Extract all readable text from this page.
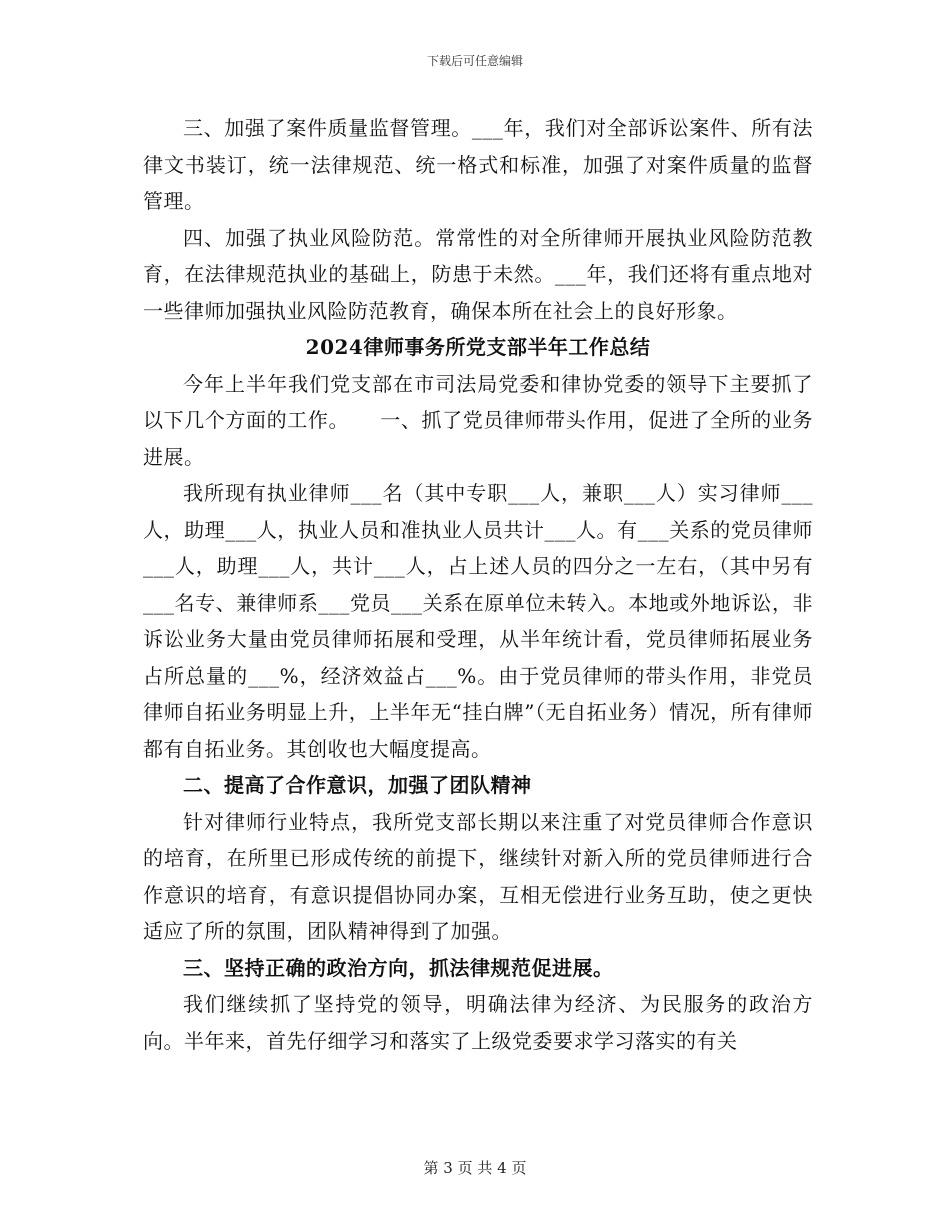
下载后可任意编辑

三、加强了案件质量监督管理。___年，我们对全部诉讼案件、所有法律文书装订，统一法律规范、统一格式和标准，加强了对案件质量的监督管理。

四、加强了执业风险防范。常常性的对全所律师开展执业风险防范教育，在法律规范执业的基础上，防患于未然。___年，我们还将有重点地对一些律师加强执业风险防范教育，确保本所在社会上的良好形象。

2024律师事务所党支部半年工作总结

今年上半年我们党支部在市司法局党委和律协党委的领导下主要抓了以下几个方面的工作。　　一、抓了党员律师带头作用，促进了全所的业务进展。

我所现有执业律师___名（其中专职___人，兼职___人）实习律师___人，助理___人，执业人员和准执业人员共计___人。有___关系的党员律师___人，助理___人，共计___人，占上述人员的四分之一左右，（其中另有___名专、兼律师系___党员___关系在原单位未转入。本地或外地诉讼，非诉讼业务大量由党员律师拓展和受理，从半年统计看，党员律师拓展业务占所总量的___%，经济效益占___%。由于党员律师的带头作用，非党员律师自拓业务明显上升，上半年无“挂白牌”（无自拓业务）情况，所有律师都有自拓业务。其创收也大幅度提高。

二、提高了合作意识，加强了团队精神

针对律师行业特点，我所党支部长期以来注重了对党员律师合作意识的培育，在所里已形成传统的前提下，继续针对新入所的党员律师进行合作意识的培育，有意识提倡协同办案，互相无偿进行业务互助，使之更快适应了所的氛围，团队精神得到了加强。

三、坚持正确的政治方向，抓法律规范促进展。

我们继续抓了坚持党的领导，明确法律为经济、为民服务的政治方向。半年来，首先仔细学习和落实了上级党委要求学习落实的有关

第 3 页 共 4 页
